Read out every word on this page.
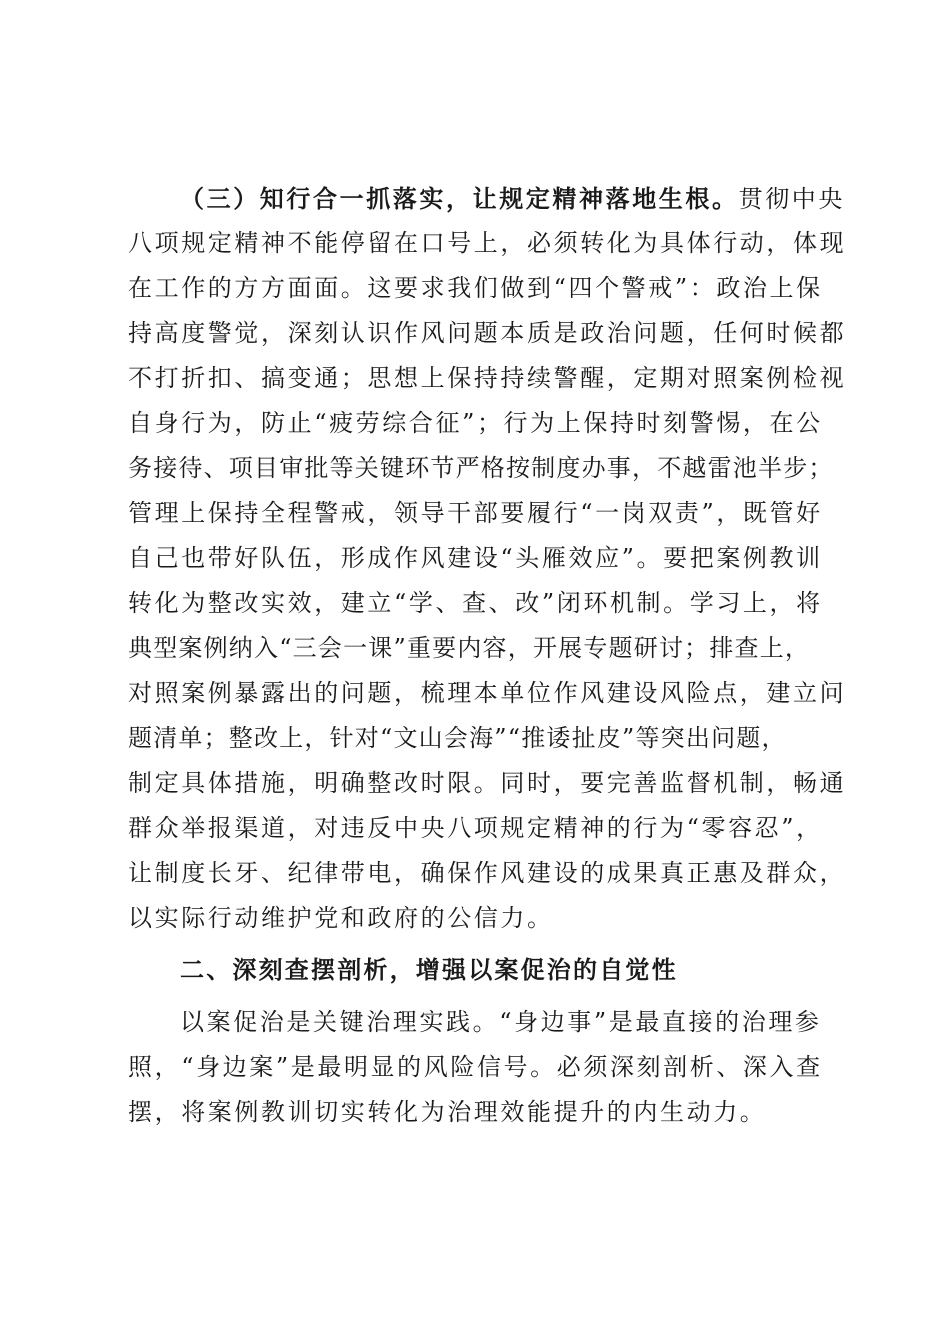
（三）知行合一抓落实，让规定精神落地生根。贯彻中央
八项规定精神不能停留在口号上，必须转化为具体行动，体现
在工作的方方面面。这要求我们做到“四个警戒”：政治上保
持高度警觉，深刻认识作风问题本质是政治问题，任何时候都
不打折扣、搞变通；思想上保持持续警醒，定期对照案例检视
自身行为，防止“疲劳综合征”；行为上保持时刻警惕，在公
务接待、项目审批等关键环节严格按制度办事，不越雷池半步；
管理上保持全程警戒，领导干部要履行“一岗双责”，既管好
自己也带好队伍，形成作风建设“头雁效应”。要把案例教训
转化为整改实效，建立“学、查、改”闭环机制。学习上，将
典型案例纳入“三会一课”重要内容，开展专题研讨；排查上，
对照案例暴露出的问题，梳理本单位作风建设风险点，建立问
题清单；整改上，针对“文山会海”“推诿扯皮”等突出问题，
制定具体措施，明确整改时限。同时，要完善监督机制，畅通
群众举报渠道，对违反中央八项规定精神的行为“零容忍”，
让制度长牙、纪律带电，确保作风建设的成果真正惠及群众，
以实际行动维护党和政府的公信力。
二、深刻查摆剖析，增强以案促治的自觉性
以案促治是关键治理实践。“身边事”是最直接的治理参
照，“身边案”是最明显的风险信号。必须深刻剖析、深入查
摆，将案例教训切实转化为治理效能提升的内生动力。
